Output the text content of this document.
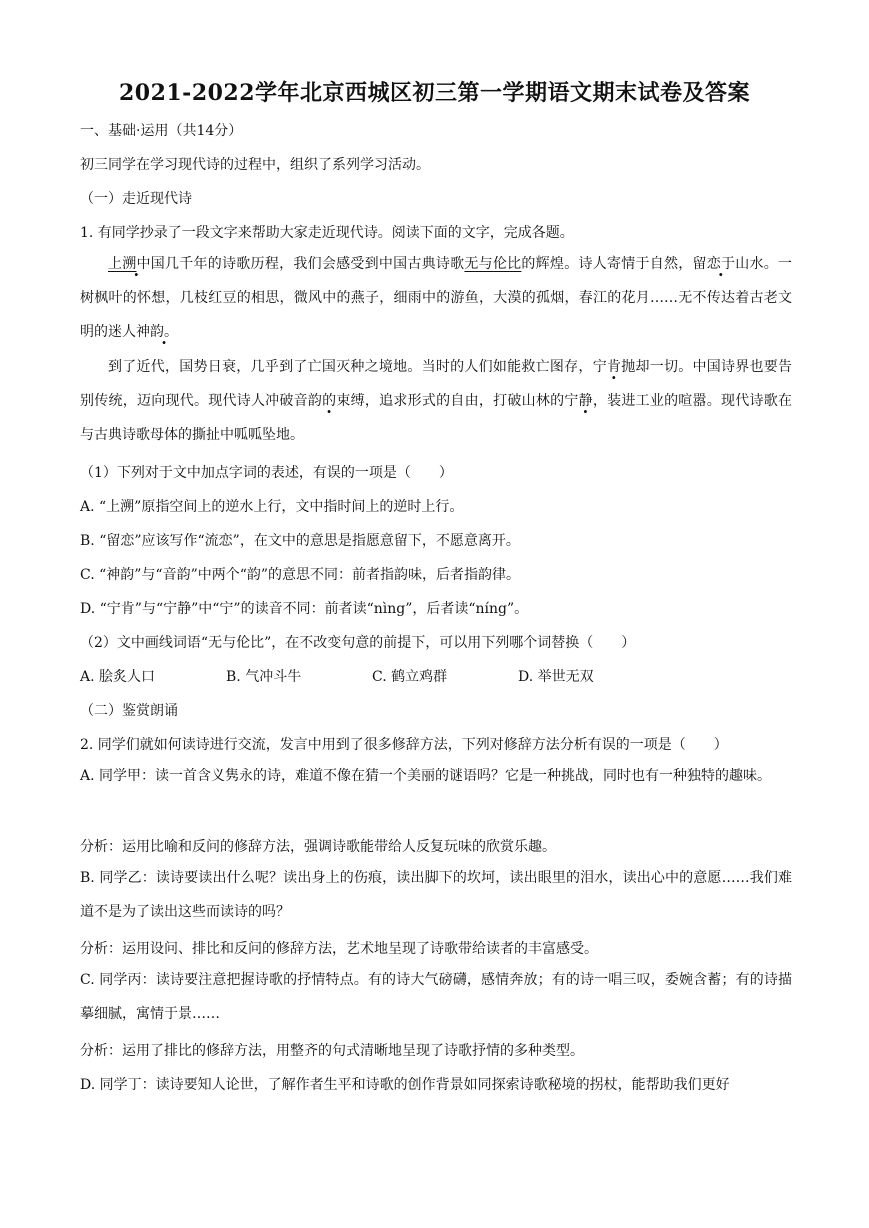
2021-2022学年北京西城区初三第一学期语文期末试卷及答案
一、基础·运用（共14分）
初三同学在学习现代诗的过程中，组织了系列学习活动。
（一）走近现代诗
1. 有同学抄录了一段文字来帮助大家走近现代诗。阅读下面的文字，完成各题。
上溯中国几千年的诗歌历程，我们会感受到中国古典诗歌无与伦比的辉煌。诗人寄情于自然，留恋于山水。一树枫叶的怀想，几枝红豆的相思，微风中的燕子，细雨中的游鱼，大漠的孤烟，春江的花月……无不传达着古老文明的迷人神韵。
到了近代，国势日衰，几乎到了亡国灭种之境地。当时的人们如能救亡图存，宁肯抛却一切。中国诗界也要告别传统，迈向现代。现代诗人冲破音韵的束缚，追求形式的自由，打破山林的宁静，装进工业的喧嚣。现代诗歌在与古典诗歌母体的撕扯中呱呱坠地。
（1）下列对于文中加点字词的表述，有误的一项是（　　）
A. “上溯”原指空间上的逆水上行，文中指时间上的逆时上行。
B. “留恋”应该写作“流恋”，在文中的意思是指愿意留下，不愿意离开。
C. “神韵”与“音韵”中两个“韵”的意思不同：前者指韵味，后者指韵律。
D. “宁肯”与“宁静”中“宁”的读音不同：前者读“nìng”，后者读“níng”。
（2）文中画线词语“无与伦比”，在不改变句意的前提下，可以用下列哪个词替换（　　）
A. 脍炙人口	B. 气冲斗牛	C. 鹤立鸡群	D. 举世无双
（二）鉴赏朗诵
2. 同学们就如何读诗进行交流，发言中用到了很多修辞方法，下列对修辞方法分析有误的一项是（　　）
A. 同学甲：读一首含义隽永的诗，难道不像在猜一个美丽的谜语吗？它是一种挑战，同时也有一种独特的趣味。
分析：运用比喻和反问的修辞方法，强调诗歌能带给人反复玩味的欣赏乐趣。
B. 同学乙：读诗要读出什么呢？读出身上的伤痕，读出脚下的坎坷，读出眼里的泪水，读出心中的意愿……我们难道不是为了读出这些而读诗的吗？
分析：运用设问、排比和反问的修辞方法，艺术地呈现了诗歌带给读者的丰富感受。
C. 同学丙：读诗要注意把握诗歌的抒情特点。有的诗大气磅礴，感情奔放；有的诗一唱三叹，委婉含蓄；有的诗描摹细腻，寓情于景……
分析：运用了排比的修辞方法，用整齐的句式清晰地呈现了诗歌抒情的多种类型。
D. 同学丁：读诗要知人论世，了解作者生平和诗歌的创作背景如同探索诗歌秘境的拐杖，能帮助我们更好
